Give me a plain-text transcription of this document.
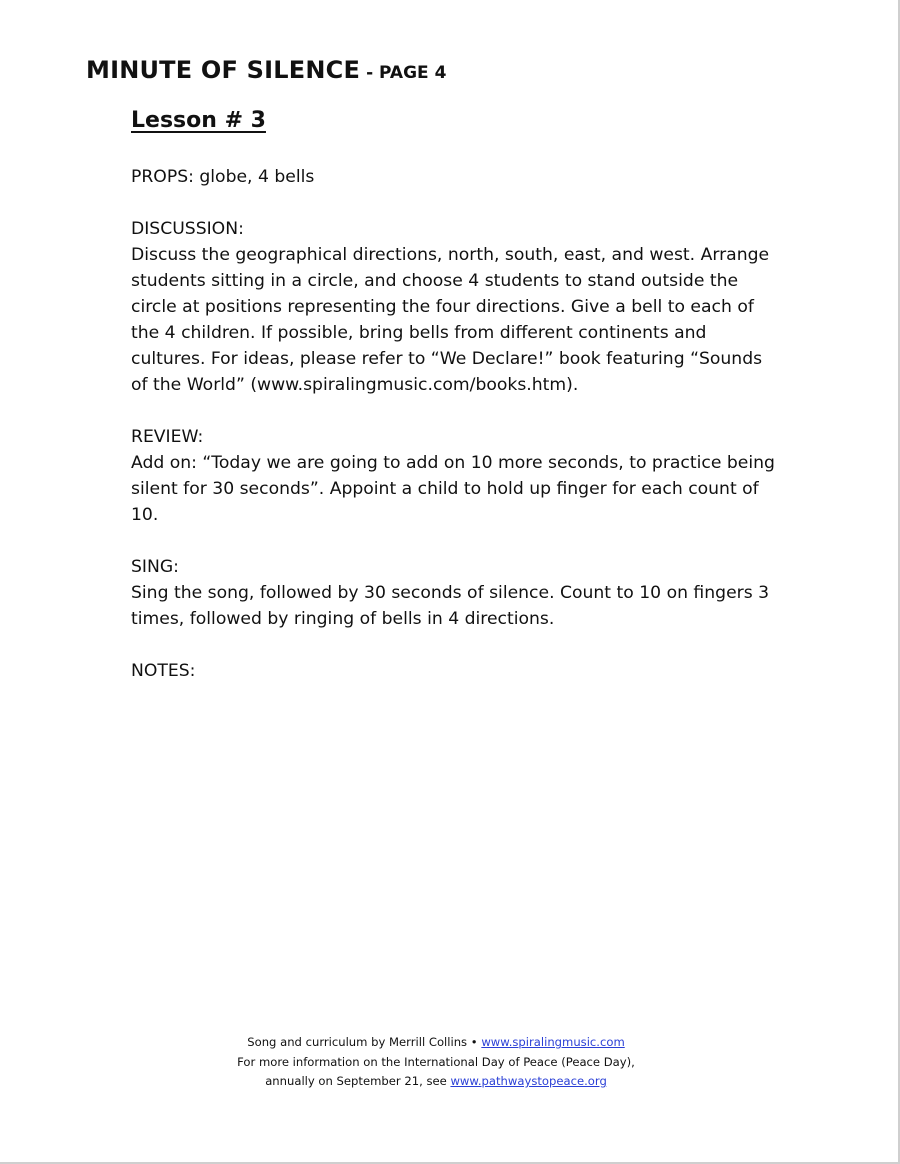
MINUTE OF SILENCE - PAGE 4
Lesson # 3
PROPS: globe, 4 bells
DISCUSSION:
Discuss the geographical directions, north, south, east, and west. Arrange students sitting in a circle, and choose 4 students to stand outside the circle at positions representing the four directions. Give a bell to each of the 4 children. If possible, bring bells from different continents and cultures. For ideas, please refer to “We Declare!” book featuring “Sounds of the World” (www.spiralingmusic.com/books.htm).
REVIEW:
Add on: “Today we are going to add on 10 more seconds, to practice being silent for 30 seconds”. Appoint a child to hold up finger for each count of 10.
SING:
Sing the song, followed by 30 seconds of silence. Count to 10 on fingers 3 times, followed by ringing of bells in 4 directions.
NOTES:
Song and curriculum by Merrill Collins • www.spiralingmusic.com
For more information on the International Day of Peace (Peace Day),
annually on September 21, see www.pathwaystopeace.org
